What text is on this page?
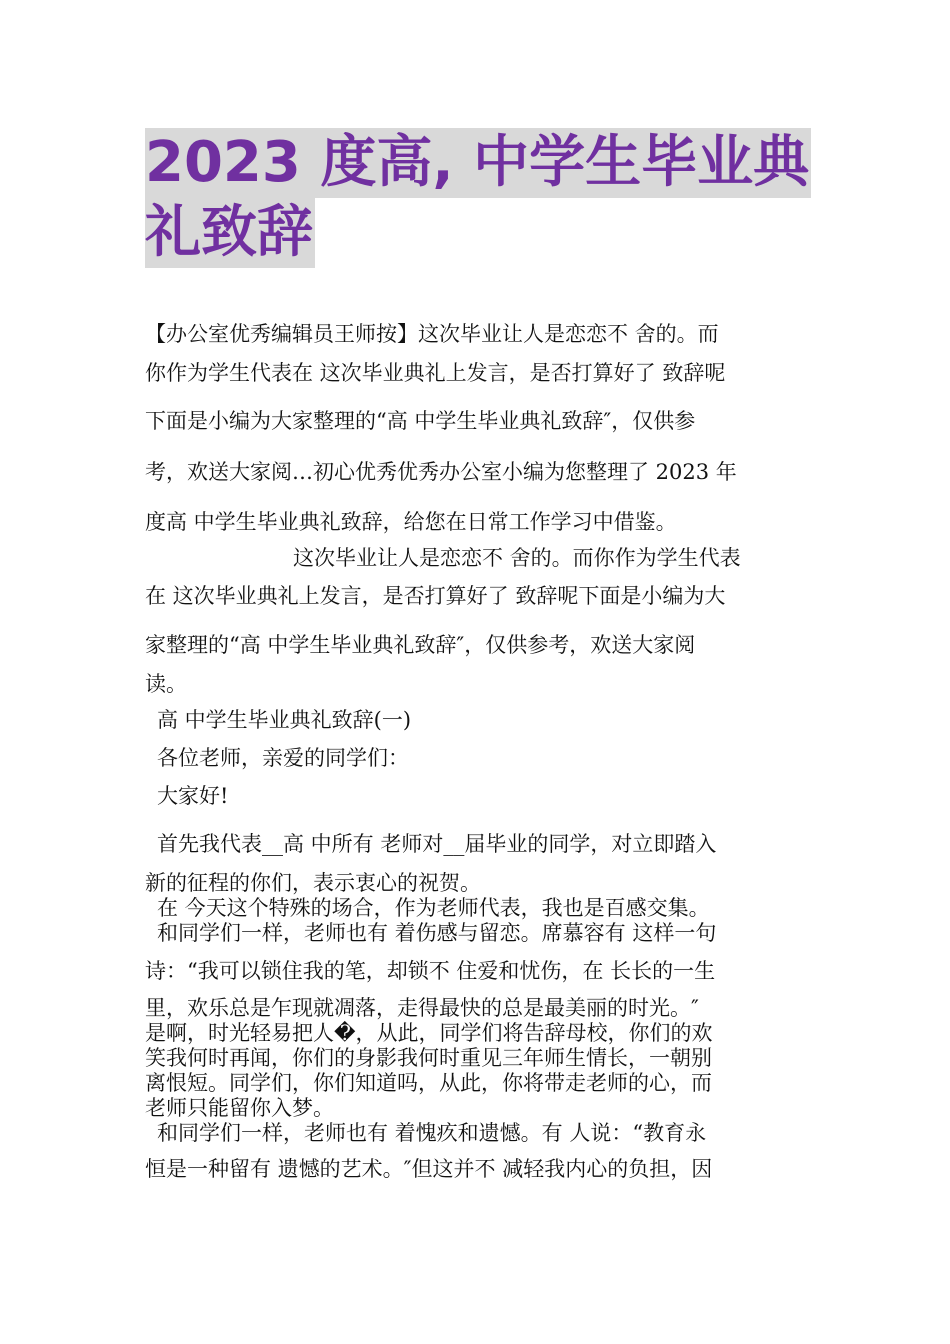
2023 度高, 中学生毕业典
礼致辞

【办公室优秀编辑员王师按】这次毕业让人是恋恋不 舍的。而

你作为学生代表在 这次毕业典礼上发言，是否打算好了 致辞呢

下面是小编为大家整理的“高 中学生毕业典礼致辞″，仅供参

考，欢送大家阅…初心优秀优秀办公室小编为您整理了 2023 年

度高 中学生毕业典礼致辞，给您在日常工作学习中借鉴。

这次毕业让人是恋恋不 舍的。而你作为学生代表

在 这次毕业典礼上发言，是否打算好了 致辞呢下面是小编为大

家整理的“高 中学生毕业典礼致辞″，仅供参考，欢送大家阅

读。

高 中学生毕业典礼致辞(一)

各位老师，亲爱的同学们：

大家好!

首先我代表__高 中所有 老师对__届毕业的同学，对立即踏入

新的征程的你们，表示衷心的祝贺。

在 今天这个特殊的场合，作为老师代表，我也是百感交集。

和同学们一样，老师也有 着伤感与留恋。席慕容有 这样一句

诗：“我可以锁住我的笔，却锁不 住爱和忧伤，在 长长的一生

里，欢乐总是乍现就凋落，走得最快的总是最美丽的时光。″

是啊，时光轻易把人�，从此，同学们将告辞母校，你们的欢

笑我何时再闻，你们的身影我何时重见三年师生情长，一朝别

离恨短。同学们，你们知道吗，从此，你将带走老师的心，而

老师只能留你入梦。

和同学们一样，老师也有 着愧疚和遗憾。有 人说：“教育永

恒是一种留有 遗憾的艺术。″但这并不 减轻我内心的负担，因
